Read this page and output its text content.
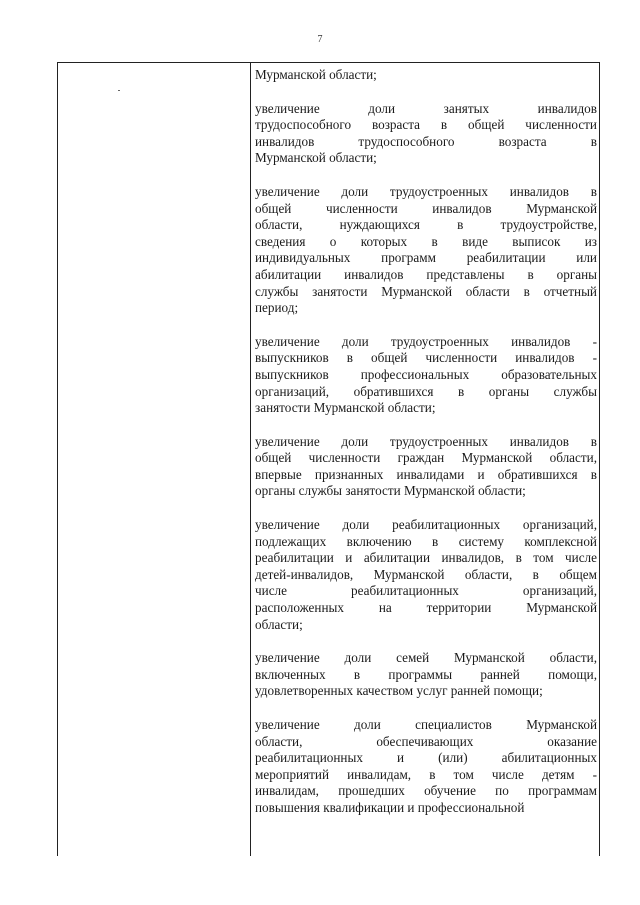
7

Мурманской области;

увеличение доли занятых инвалидов
трудоспособного возраста в общей численности
инвалидов трудоспособного возраста в
Мурманской области;

увеличение доли трудоустроенных инвалидов в
общей численности инвалидов Мурманской
области, нуждающихся в трудоустройстве,
сведения о которых в виде выписок из
индивидуальных программ реабилитации или
абилитации инвалидов представлены в органы
службы занятости Мурманской области в отчетный
период;

увеличение доли трудоустроенных инвалидов -
выпускников в общей численности инвалидов -
выпускников профессиональных образовательных
организаций, обратившихся в органы службы
занятости Мурманской области;

увеличение доли трудоустроенных инвалидов в
общей численности граждан Мурманской области,
впервые признанных инвалидами и обратившихся в
органы службы занятости Мурманской области;

увеличение доли реабилитационных организаций,
подлежащих включению в систему комплексной
реабилитации и абилитации инвалидов, в том числе
детей-инвалидов, Мурманской области, в общем
числе реабилитационных организаций,
расположенных на территории Мурманской
области;

увеличение доли семей Мурманской области,
включенных в программы ранней помощи,
удовлетворенных качеством услуг ранней помощи;

увеличение доли специалистов Мурманской
области, обеспечивающих оказание
реабилитационных и (или) абилитационных
мероприятий инвалидам, в том числе детям -
инвалидам, прошедших обучение по программам
повышения квалификации и профессиональной
